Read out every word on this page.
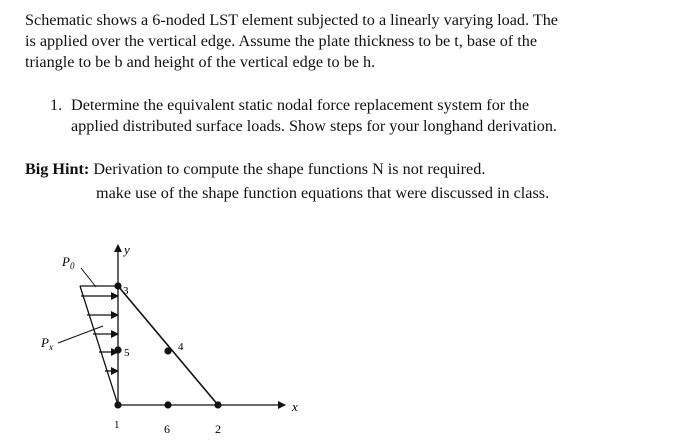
Schematic shows a 6-noded LST element subjected to a linearly varying load. The
is applied over the vertical edge. Assume the plate thickness to be t, base of the
triangle to be b and height of the vertical edge to be h.
1. Determine the equivalent static nodal force replacement system for the
applied distributed surface loads. Show steps for your longhand derivation.
Big Hint: Derivation to compute the shape functions N is not required.
make use of the shape function equations that were discussed in class.
y
x
$P_0$
$P_x$
1	2
3
4
5
6
